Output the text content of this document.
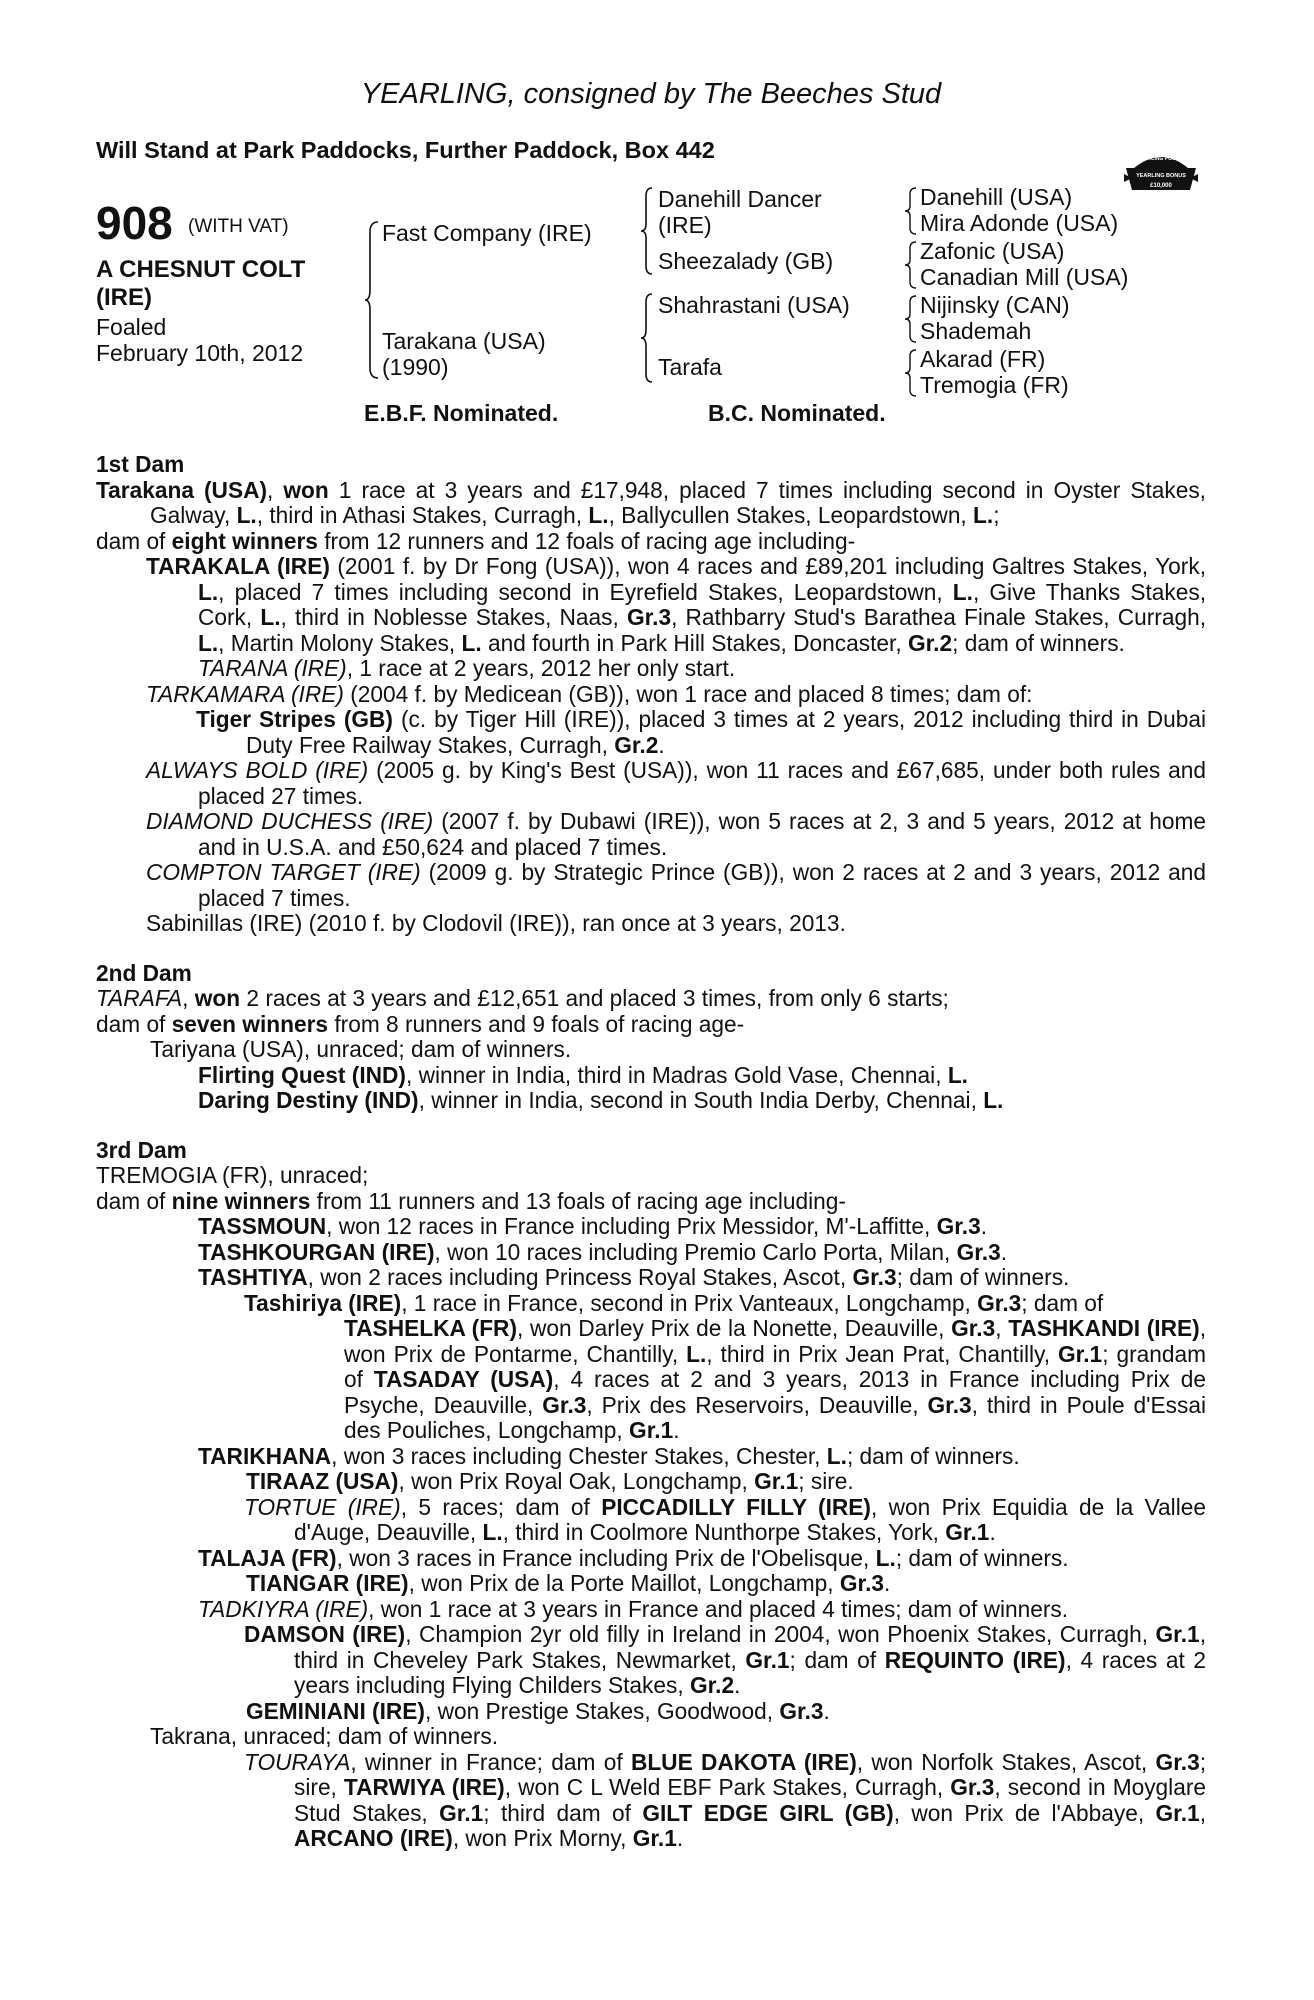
YEARLING, consigned by The Beeches Stud
Will Stand at Park Paddocks, Further Paddock, Box 442	RACING POST
YEARLING BONUS
£10,000
908 (WITH VAT)
A CHESNUT COLT (IRE)
Foaled
February 10th, 2012
Fast Company (IRE)
Tarakana (USA)
(1990)
Danehill Dancer
(IRE)
Sheezalady (GB)
Shahrastani (USA)
Tarafa
Danehill (USA)
Mira Adonde (USA)
Zafonic (USA)
Canadian Mill (USA)
Nijinsky (CAN)
Shademah
Akarad (FR)
Tremogia (FR)
E.B.F. Nominated.	B.C. Nominated.
1st Dam
Tarakana (USA), won 1 race at 3 years and £17,948, placed 7 times including second in Oyster Stakes, Galway, L., third in Athasi Stakes, Curragh, L., Ballycullen Stakes, Leopardstown, L.;
dam of eight winners from 12 runners and 12 foals of racing age including-
TARAKALA (IRE) (2001 f. by Dr Fong (USA)), won 4 races and £89,201 including Galtres Stakes, York, L., placed 7 times including second in Eyrefield Stakes, Leopardstown, L., Give Thanks Stakes, Cork, L., third in Noblesse Stakes, Naas, Gr.3, Rathbarry Stud's Barathea Finale Stakes, Curragh, L., Martin Molony Stakes, L. and fourth in Park Hill Stakes, Doncaster, Gr.2; dam of winners.
TARANA (IRE), 1 race at 2 years, 2012 her only start.
TARKAMARA (IRE) (2004 f. by Medicean (GB)), won 1 race and placed 8 times; dam of:
Tiger Stripes (GB) (c. by Tiger Hill (IRE)), placed 3 times at 2 years, 2012 including third in Dubai Duty Free Railway Stakes, Curragh, Gr.2.
ALWAYS BOLD (IRE) (2005 g. by King's Best (USA)), won 11 races and £67,685, under both rules and placed 27 times.
DIAMOND DUCHESS (IRE) (2007 f. by Dubawi (IRE)), won 5 races at 2, 3 and 5 years, 2012 at home and in U.S.A. and £50,624 and placed 7 times.
COMPTON TARGET (IRE) (2009 g. by Strategic Prince (GB)), won 2 races at 2 and 3 years, 2012 and placed 7 times.
Sabinillas (IRE) (2010 f. by Clodovil (IRE)), ran once at 3 years, 2013.
2nd Dam
TARAFA, won 2 races at 3 years and £12,651 and placed 3 times, from only 6 starts;
dam of seven winners from 8 runners and 9 foals of racing age-
Tariyana (USA), unraced; dam of winners.
Flirting Quest (IND), winner in India, third in Madras Gold Vase, Chennai, L.
Daring Destiny (IND), winner in India, second in South India Derby, Chennai, L.
3rd Dam
TREMOGIA (FR), unraced;
dam of nine winners from 11 runners and 13 foals of racing age including-
TASSMOUN, won 12 races in France including Prix Messidor, M'-Laffitte, Gr.3.
TASHKOURGAN (IRE), won 10 races including Premio Carlo Porta, Milan, Gr.3.
TASHTIYA, won 2 races including Princess Royal Stakes, Ascot, Gr.3; dam of winners.
Tashiriya (IRE), 1 race in France, second in Prix Vanteaux, Longchamp, Gr.3; dam of
TASHELKA (FR), won Darley Prix de la Nonette, Deauville, Gr.3, TASHKANDI (IRE), won Prix de Pontarme, Chantilly, L., third in Prix Jean Prat, Chantilly, Gr.1; grandam of TASADAY (USA), 4 races at 2 and 3 years, 2013 in France including Prix de Psyche, Deauville, Gr.3, Prix des Reservoirs, Deauville, Gr.3, third in Poule d'Essai des Pouliches, Longchamp, Gr.1.
TARIKHANA, won 3 races including Chester Stakes, Chester, L.; dam of winners.
TIRAAZ (USA), won Prix Royal Oak, Longchamp, Gr.1; sire.
TORTUE (IRE), 5 races; dam of PICCADILLY FILLY (IRE), won Prix Equidia de la Vallee d'Auge, Deauville, L., third in Coolmore Nunthorpe Stakes, York, Gr.1.
TALAJA (FR), won 3 races in France including Prix de l'Obelisque, L.; dam of winners.
TIANGAR (IRE), won Prix de la Porte Maillot, Longchamp, Gr.3.
TADKIYRA (IRE), won 1 race at 3 years in France and placed 4 times; dam of winners.
DAMSON (IRE), Champion 2yr old filly in Ireland in 2004, won Phoenix Stakes, Curragh, Gr.1, third in Cheveley Park Stakes, Newmarket, Gr.1; dam of REQUINTO (IRE), 4 races at 2 years including Flying Childers Stakes, Gr.2.
GEMINIANI (IRE), won Prestige Stakes, Goodwood, Gr.3.
Takrana, unraced; dam of winners.
TOURAYA, winner in France; dam of BLUE DAKOTA (IRE), won Norfolk Stakes, Ascot, Gr.3; sire, TARWIYA (IRE), won C L Weld EBF Park Stakes, Curragh, Gr.3, second in Moyglare Stud Stakes, Gr.1; third dam of GILT EDGE GIRL (GB), won Prix de l'Abbaye, Gr.1, ARCANO (IRE), won Prix Morny, Gr.1.
